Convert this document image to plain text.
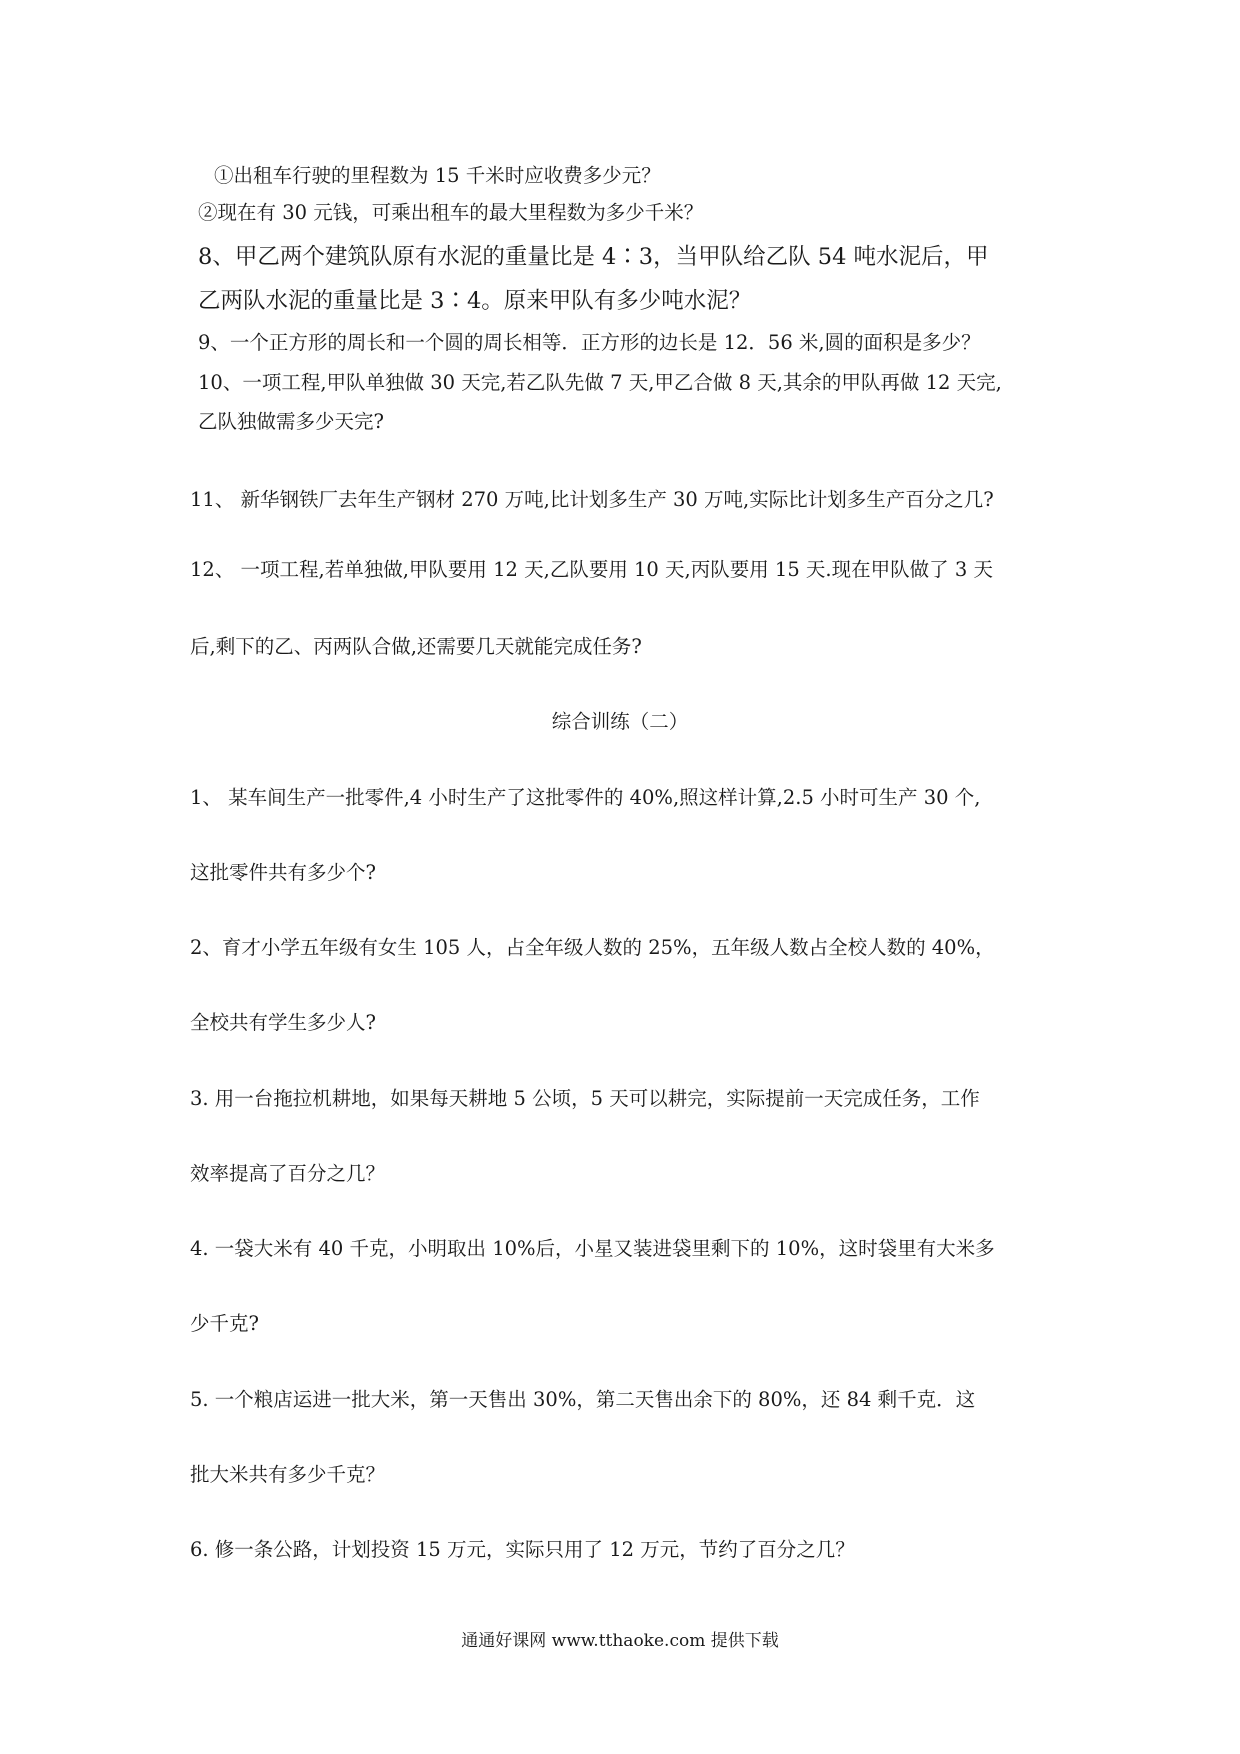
①出租车行驶的里程数为 15 千米时应收费多少元？
②现在有 30 元钱，可乘出租车的最大里程数为多少千米？
8、甲乙两个建筑队原有水泥的重量比是 4∶3，当甲队给乙队 54 吨水泥后，甲
乙两队水泥的重量比是 3∶4。原来甲队有多少吨水泥？
9、一个正方形的周长和一个圆的周长相等．正方形的边长是 12．56 米,圆的面积是多少？
10、一项工程,甲队单独做 30 天完,若乙队先做 7 天,甲乙合做 8 天,其余的甲队再做 12 天完,
乙队独做需多少天完?
11、 新华钢铁厂去年生产钢材 270 万吨,比计划多生产 30 万吨,实际比计划多生产百分之几?
12、 一项工程,若单独做,甲队要用 12 天,乙队要用 10 天,丙队要用 15 天.现在甲队做了 3 天
后,剩下的乙、丙两队合做,还需要几天就能完成任务?
综合训练（二）
1、 某车间生产一批零件,4 小时生产了这批零件的 40%,照这样计算,2.5 小时可生产 30 个,
这批零件共有多少个?
2、育才小学五年级有女生 105 人，占全年级人数的 25%，五年级人数占全校人数的 40%，
全校共有学生多少人?
3. 用一台拖拉机耕地，如果每天耕地 5 公顷，5 天可以耕完，实际提前一天完成任务，工作
效率提高了百分之几？
4. 一袋大米有 40 千克，小明取出 10%后，小星又装进袋里剩下的 10%，这时袋里有大米多
少千克?
5. 一个粮店运进一批大米，第一天售出 30%，第二天售出余下的 80%，还 84 剩千克．这
批大米共有多少千克？
6. 修一条公路，计划投资 15 万元，实际只用了 12 万元，节约了百分之几？
通通好课网 www.tthaoke.com 提供下载
